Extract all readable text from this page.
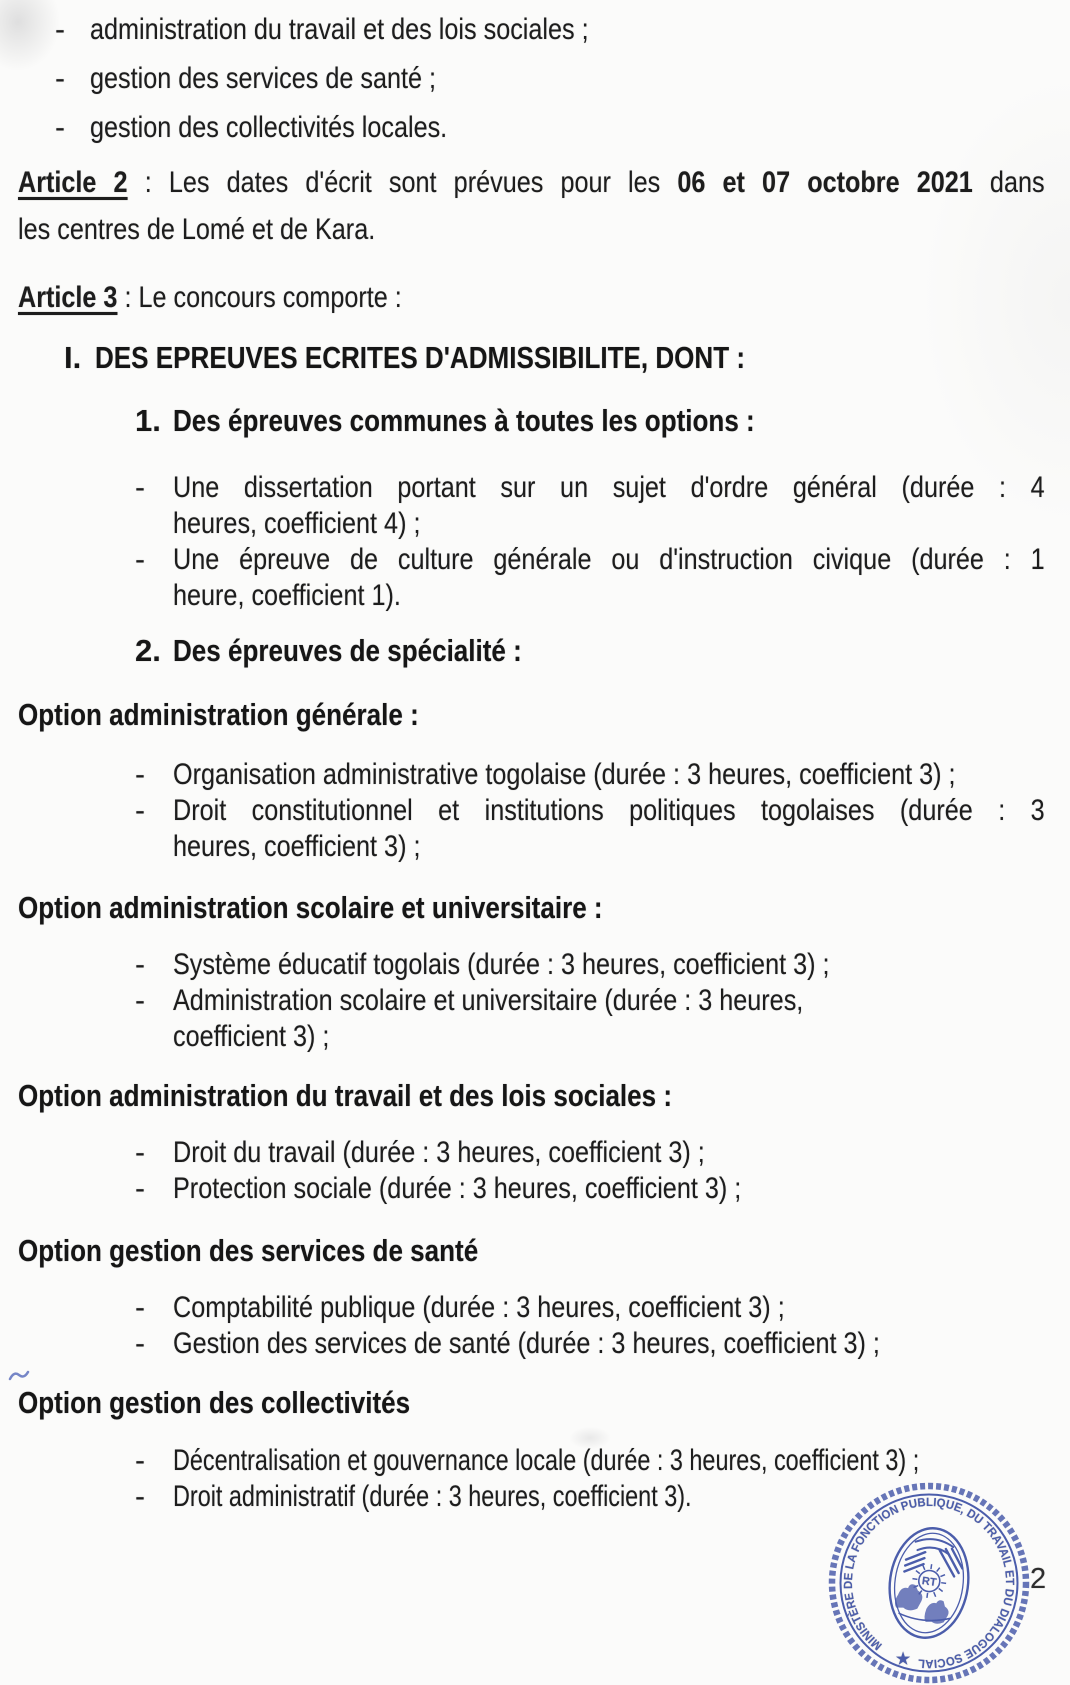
- administration du travail et des lois sociales ;
- gestion des services de santé ;
- gestion des collectivités locales.
Article 2 : Les dates d'écrit sont prévues pour les 06 et 07 octobre 2021 dans
les centres de Lomé et de Kara.
Article 3 : Le concours comporte :
I. DES EPREUVES ECRITES D'ADMISSIBILITE, DONT :
1. Des épreuves communes à toutes les options :
- Une dissertation portant sur un sujet d'ordre général (durée : 4
heures, coefficient 4) ;
- Une épreuve de culture générale ou d'instruction civique (durée : 1
heure, coefficient 1).
2. Des épreuves de spécialité :
Option administration générale :
- Organisation administrative togolaise (durée : 3 heures, coefficient 3) ;
- Droit constitutionnel et institutions politiques togolaises (durée : 3
heures, coefficient 3) ;
Option administration scolaire et universitaire :
- Système éducatif togolais (durée : 3 heures, coefficient 3) ;
- Administration scolaire et universitaire (durée : 3 heures,
coefficient 3) ;
Option administration du travail et des lois sociales :
- Droit du travail (durée : 3 heures, coefficient 3) ;
- Protection sociale (durée : 3 heures, coefficient 3) ;
Option gestion des services de santé
- Comptabilité publique (durée : 3 heures, coefficient 3) ;
- Gestion des services de santé (durée : 3 heures, coefficient 3) ;
Option gestion des collectivités
- Décentralisation et gouvernance locale (durée : 3 heures, coefficient 3) ;
- Droit administratif (durée : 3 heures, coefficient 3).
2
MINISTÈRE DE LA FONCTION PUBLIQUE, DU TRAVAIL ET DU DIALOGUE SOCIAL
★
RT
